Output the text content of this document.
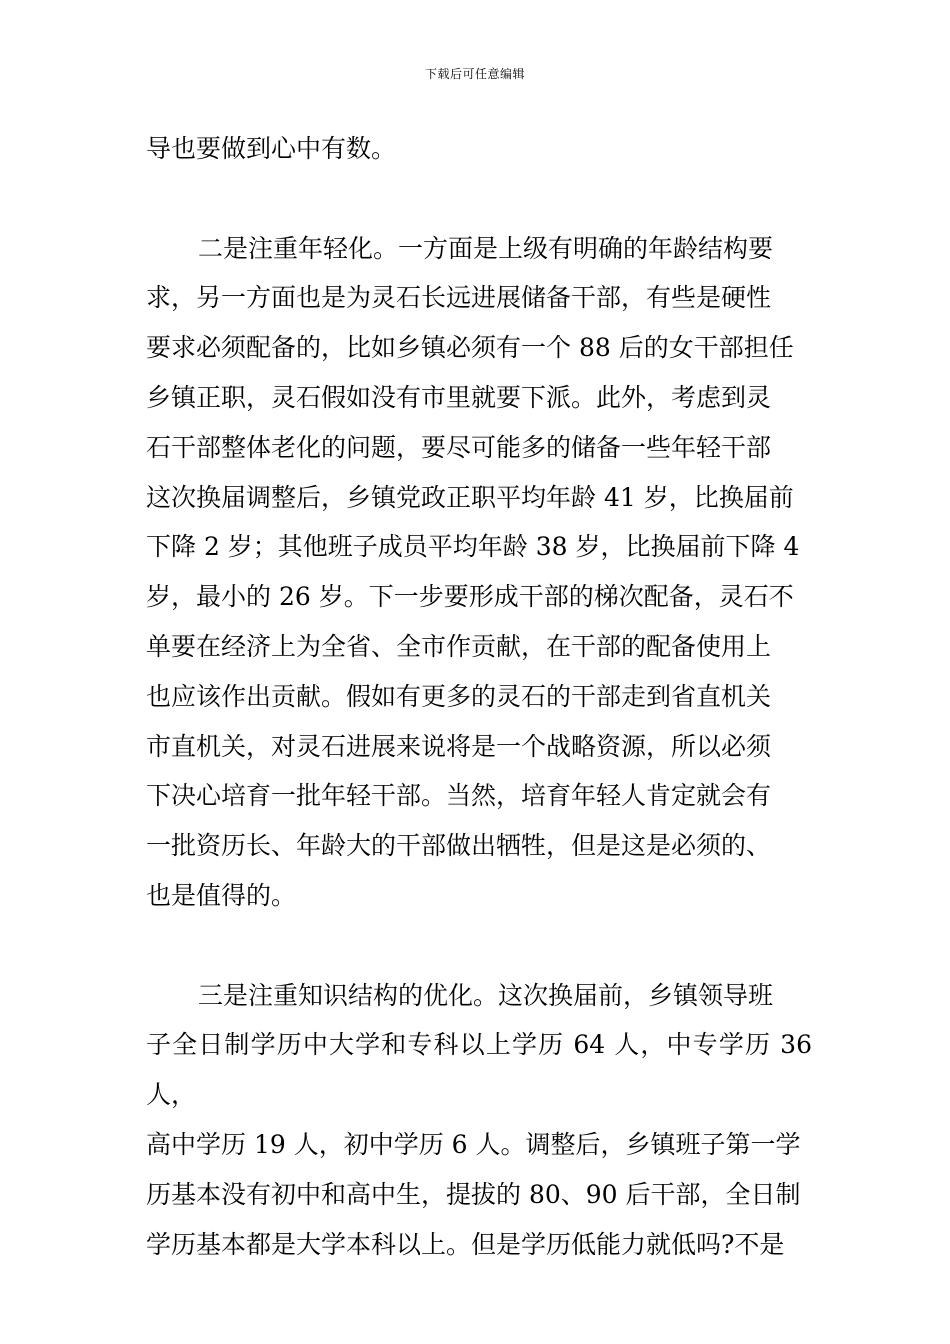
下载后可任意编辑
导也要做到心中有数。
二是注重年轻化。一方面是上级有明确的年龄结构要
求，另一方面也是为灵石长远进展储备干部，有些是硬性
要求必须配备的，比如乡镇必须有一个 88 后的女干部担任
乡镇正职，灵石假如没有市里就要下派。此外，考虑到灵
石干部整体老化的问题，要尽可能多的储备一些年轻干部
这次换届调整后，乡镇党政正职平均年龄 41 岁，比换届前
下降 2 岁；其他班子成员平均年龄 38 岁，比换届前下降 4
岁，最小的 26 岁。下一步要形成干部的梯次配备，灵石不
单要在经济上为全省、全市作贡献，在干部的配备使用上
也应该作出贡献。假如有更多的灵石的干部走到省直机关
市直机关，对灵石进展来说将是一个战略资源，所以必须
下决心培育一批年轻干部。当然，培育年轻人肯定就会有
一批资历长、年龄大的干部做出牺牲，但是这是必须的、
也是值得的。
三是注重知识结构的优化。这次换届前，乡镇领导班
子全日制学历中大学和专科以上学历 64 人，中专学历 36 人，
高中学历 19 人，初中学历 6 人。调整后，乡镇班子第一学
历基本没有初中和高中生，提拔的 80、90 后干部，全日制
学历基本都是大学本科以上。但是学历低能力就低吗?不是
